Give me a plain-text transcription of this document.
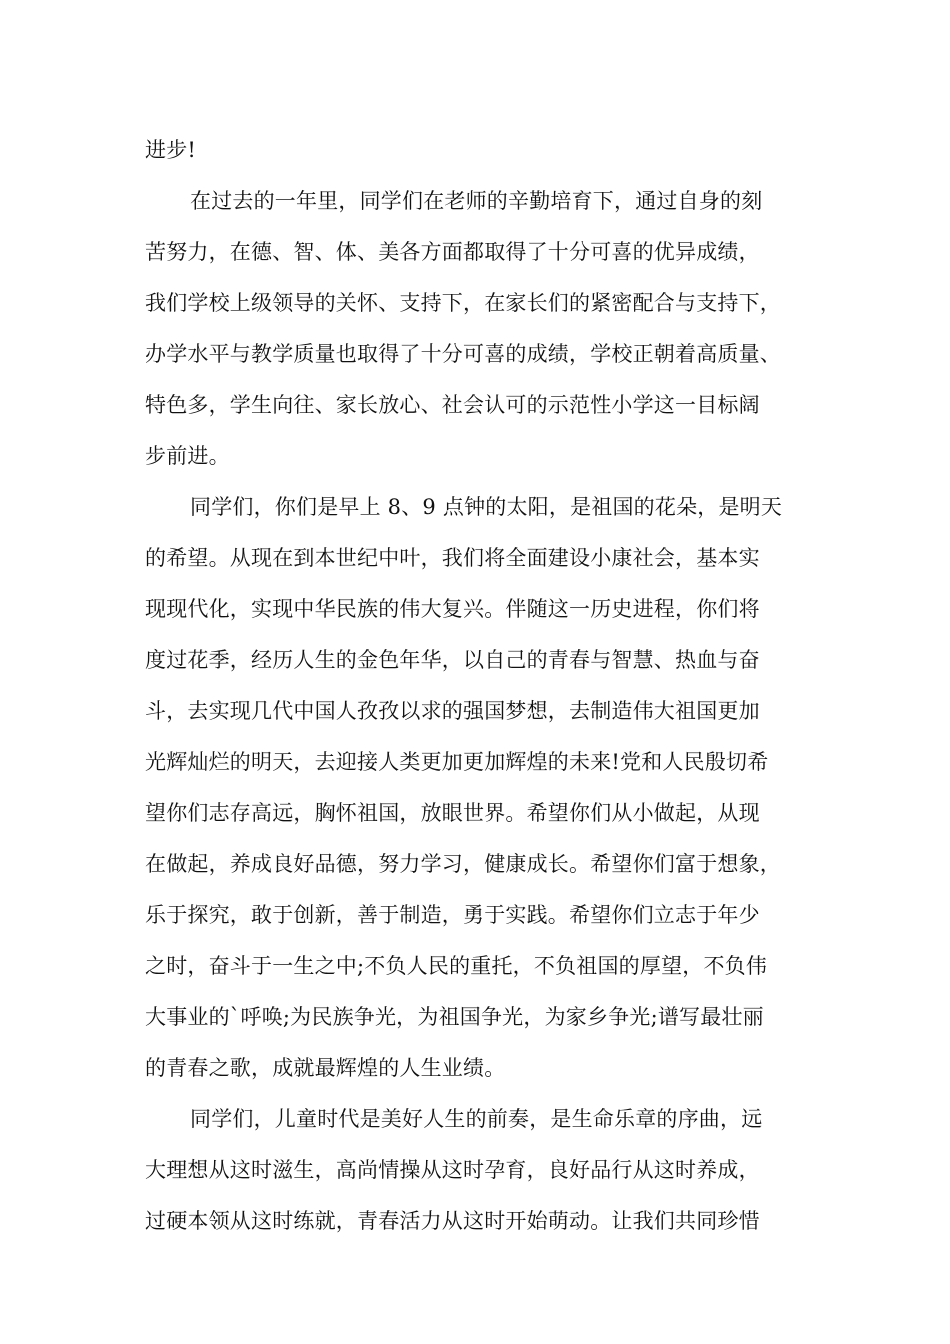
进步!
在过去的一年里，同学们在老师的辛勤培育下，通过自身的刻
苦努力，在德、智、体、美各方面都取得了十分可喜的优异成绩，
我们学校上级领导的关怀、支持下，在家长们的紧密配合与支持下，
办学水平与教学质量也取得了十分可喜的成绩，学校正朝着高质量、
特色多，学生向往、家长放心、社会认可的示范性小学这一目标阔
步前进。
同学们，你们是早上 8、9 点钟的太阳，是祖国的花朵，是明天
的希望。从现在到本世纪中叶，我们将全面建设小康社会，基本实
现现代化，实现中华民族的伟大复兴。伴随这一历史进程，你们将
度过花季，经历人生的金色年华，以自己的青春与智慧、热血与奋
斗，去实现几代中国人孜孜以求的强国梦想，去制造伟大祖国更加
光辉灿烂的明天，去迎接人类更加更加辉煌的未来!党和人民殷切希
望你们志存高远，胸怀祖国，放眼世界。希望你们从小做起，从现
在做起，养成良好品德，努力学习，健康成长。希望你们富于想象，
乐于探究，敢于创新，善于制造，勇于实践。希望你们立志于年少
之时，奋斗于一生之中;不负人民的重托，不负祖国的厚望，不负伟
大事业的`呼唤;为民族争光，为祖国争光，为家乡争光;谱写最壮丽
的青春之歌，成就最辉煌的人生业绩。
同学们，儿童时代是美好人生的前奏，是生命乐章的序曲，远
大理想从这时滋生，高尚情操从这时孕育，良好品行从这时养成，
过硬本领从这时练就，青春活力从这时开始萌动。让我们共同珍惜
